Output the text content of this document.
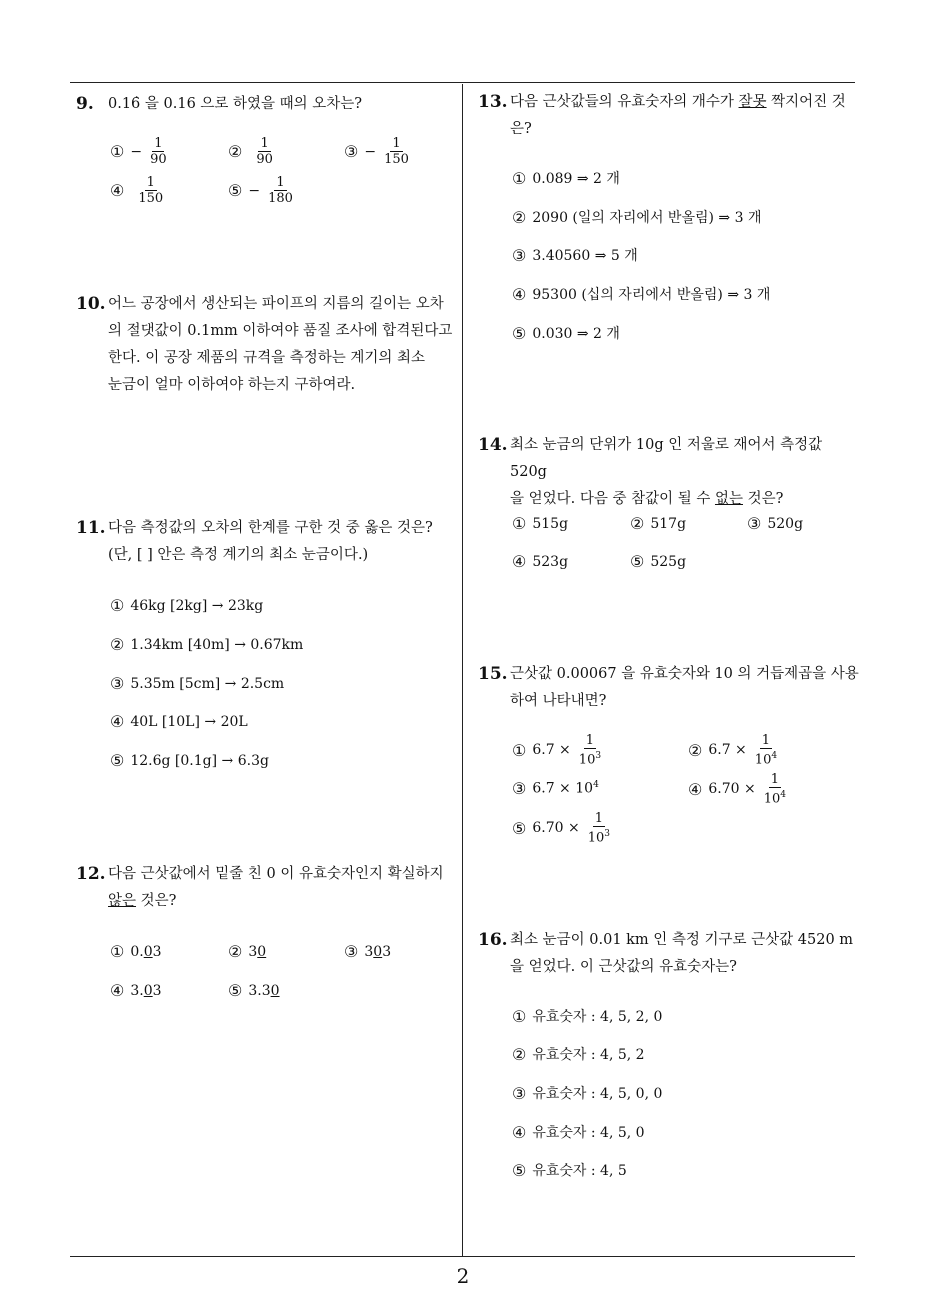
2
9. 0.16̇ 을 0.16 으로 하였을 때의 오차는?
① − $\frac{1}{90}$	② $\frac{1}{90}$	③ − $\frac{1}{150}$
④ $\frac{1}{150}$	⑤ − $\frac{1}{180}$
10. 어느 공장에서 생산되는 파이프의 지름의 길이는 오차
의 절댓값이 0.1mm 이하여야 품질 조사에 합격된다고
한다. 이 공장 제품의 규격을 측정하는 계기의 최소
눈금이 얼마 이하여야 하는지 구하여라.
11. 다음 측정값의 오차의 한계를 구한 것 중 옳은 것은?
(단, [ ] 안은 측정 계기의 최소 눈금이다.)
① 46kg [2kg] → 23kg
② 1.34km [40m] → 0.67km
③ 5.35m [5cm] → 2.5cm
④ 40L [10L] → 20L
⑤ 12.6g [0.1g] → 6.3g
12. 다음 근삿값에서 밑줄 친 0 이 유효숫자인지 확실하지
않은 것은?
① 0.03	② 30	③ 303
④ 3.03	⑤ 3.30
13. 다음 근삿값들의 유효숫자의 개수가 잘못 짝지어진 것
은?
① 0.089 ⇒ 2 개
② 2090 (일의 자리에서 반올림) ⇒ 3 개
③ 3.40560 ⇒ 5 개
④ 95300 (십의 자리에서 반올림) ⇒ 3 개
⑤ 0.030 ⇒ 2 개
14. 최소 눈금의 단위가 10g 인 저울로 재어서 측정값 520g
을 얻었다. 다음 중 참값이 될 수 없는 것은?
① 515g	② 517g	③ 520g
④ 523g	⑤ 525g
15. 근삿값 0.00067 을 유효숫자와 10 의 거듭제곱을 사용
하여 나타내면?
① $6.7 \times \frac{1}{10^3}$	② $6.7 \times \frac{1}{10^4}$
③ $6.7 \times 10^4$	④ $6.70 \times \frac{1}{10^4}$
⑤ $6.70 \times \frac{1}{10^3}$
16. 최소 눈금이 0.01 km 인 측정 기구로 근삿값 4520 m
을 얻었다. 이 근삿값의 유효숫자는?
① 유효숫자 : 4, 5, 2, 0
② 유효숫자 : 4, 5, 2
③ 유효숫자 : 4, 5, 0, 0
④ 유효숫자 : 4, 5, 0
⑤ 유효숫자 : 4, 5
